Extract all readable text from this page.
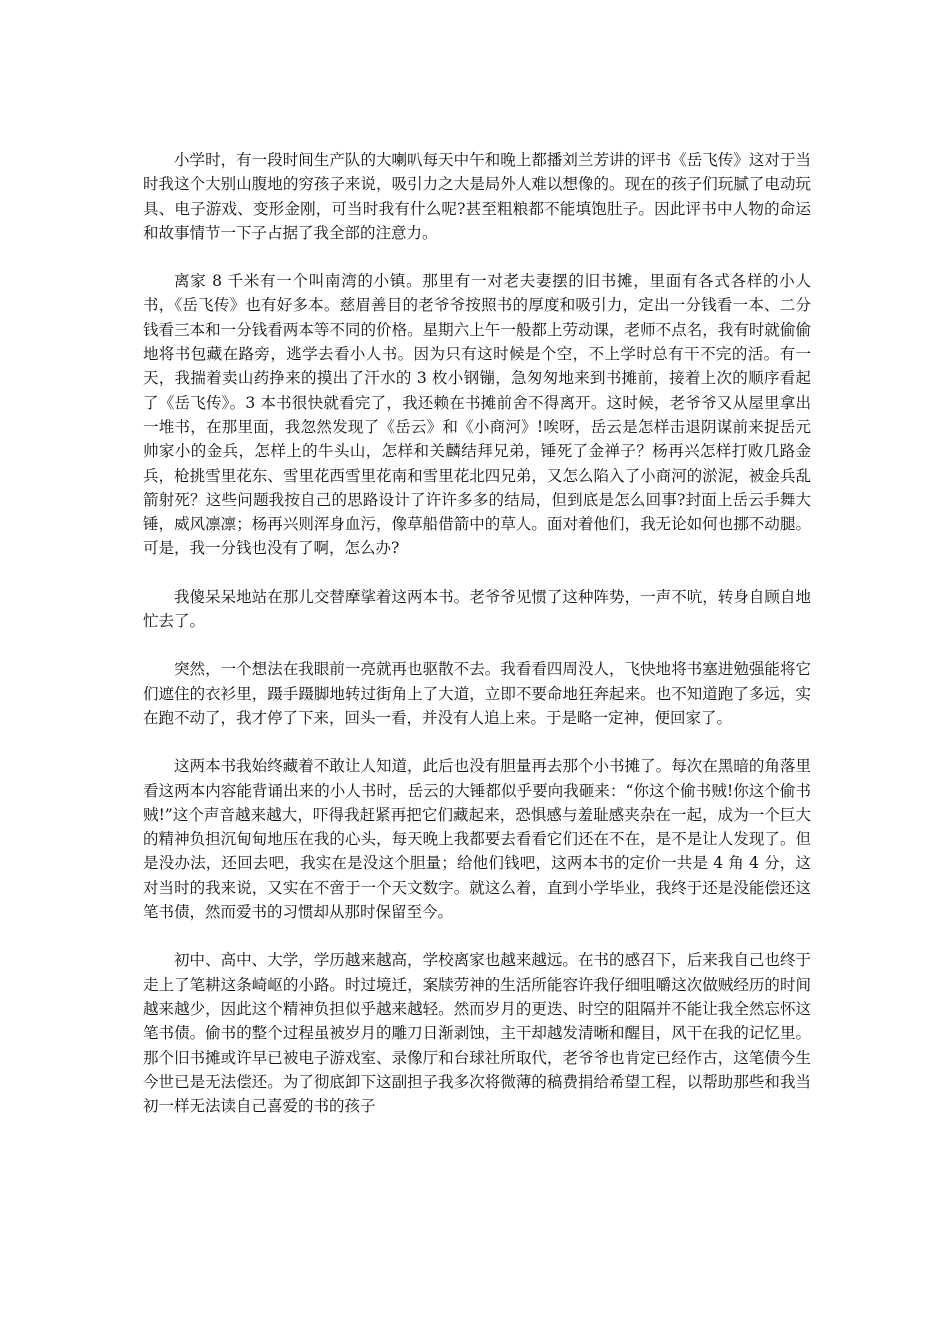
小学时，有一段时间生产队的大喇叭每天中午和晚上都播刘兰芳讲的评书《岳飞传》这对于当时我这个大别山腹地的穷孩子来说，吸引力之大是局外人难以想像的。现在的孩子们玩腻了电动玩具、电子游戏、变形金刚，可当时我有什么呢?甚至粗粮都不能填饱肚子。因此评书中人物的命运和故事情节一下子占据了我全部的注意力。

离家 8 千米有一个叫南湾的小镇。那里有一对老夫妻摆的旧书摊，里面有各式各样的小人书，《岳飞传》也有好多本。慈眉善目的老爷爷按照书的厚度和吸引力，定出一分钱看一本、二分钱看三本和一分钱看两本等不同的价格。星期六上午一般都上劳动课，老师不点名，我有时就偷偷地将书包藏在路旁，逃学去看小人书。因为只有这时候是个空，不上学时总有干不完的活。有一天，我揣着卖山药挣来的摸出了汗水的 3 枚小钢镚，急匆匆地来到书摊前，接着上次的顺序看起了《岳飞传》。3 本书很快就看完了，我还赖在书摊前舍不得离开。这时候，老爷爷又从屋里拿出一堆书，在那里面，我忽然发现了《岳云》和《小商河》!唉呀，岳云是怎样击退阴谋前来捉岳元帅家小的金兵，怎样上的牛头山，怎样和关麟结拜兄弟，锤死了金禅子？杨再兴怎样打败几路金兵，枪挑雪里花东、雪里花西雪里花南和雪里花北四兄弟，又怎么陷入了小商河的淤泥，被金兵乱箭射死？这些问题我按自己的思路设计了许许多多的结局，但到底是怎么回事?封面上岳云手舞大锤，威风凛凛；杨再兴则浑身血污，像草船借箭中的草人。面对着他们，我无论如何也挪不动腿。可是，我一分钱也没有了啊，怎么办?

我傻呆呆地站在那儿交替摩挲着这两本书。老爷爷见惯了这种阵势，一声不吭，转身自顾自地忙去了。

突然，一个想法在我眼前一亮就再也驱散不去。我看看四周没人，飞快地将书塞进勉强能将它们遮住的衣衫里，蹑手蹑脚地转过街角上了大道，立即不要命地狂奔起来。也不知道跑了多远，实在跑不动了，我才停了下来，回头一看，并没有人追上来。于是略一定神，便回家了。

这两本书我始终藏着不敢让人知道，此后也没有胆量再去那个小书摊了。每次在黑暗的角落里看这两本内容能背诵出来的小人书时，岳云的大锤都似乎要向我砸来：“你这个偷书贼!你这个偷书贼!”这个声音越来越大，吓得我赶紧再把它们藏起来，恐惧感与羞耻感夹杂在一起，成为一个巨大的精神负担沉甸甸地压在我的心头，每天晚上我都要去看看它们还在不在，是不是让人发现了。但是没办法，还回去吧，我实在是没这个胆量；给他们钱吧，这两本书的定价一共是 4 角 4 分，这对当时的我来说，又实在不啻于一个天文数字。就这么着，直到小学毕业，我终于还是没能偿还这笔书债，然而爱书的习惯却从那时保留至今。

初中、高中、大学，学历越来越高，学校离家也越来越远。在书的感召下，后来我自己也终于走上了笔耕这条崎岖的小路。时过境迁，案牍劳神的生活所能容许我仔细咀嚼这次做贼经历的时间越来越少，因此这个精神负担似乎越来越轻。然而岁月的更迭、时空的阻隔并不能让我全然忘怀这笔书债。偷书的整个过程虽被岁月的雕刀日渐剥蚀，主干却越发清晰和醒目，风干在我的记忆里。那个旧书摊或许早已被电子游戏室、录像厅和台球社所取代，老爷爷也肯定已经作古，这笔债今生今世已是无法偿还。为了彻底卸下这副担子我多次将微薄的稿费捐给希望工程，以帮助那些和我当初一样无法读自己喜爱的书的孩子
